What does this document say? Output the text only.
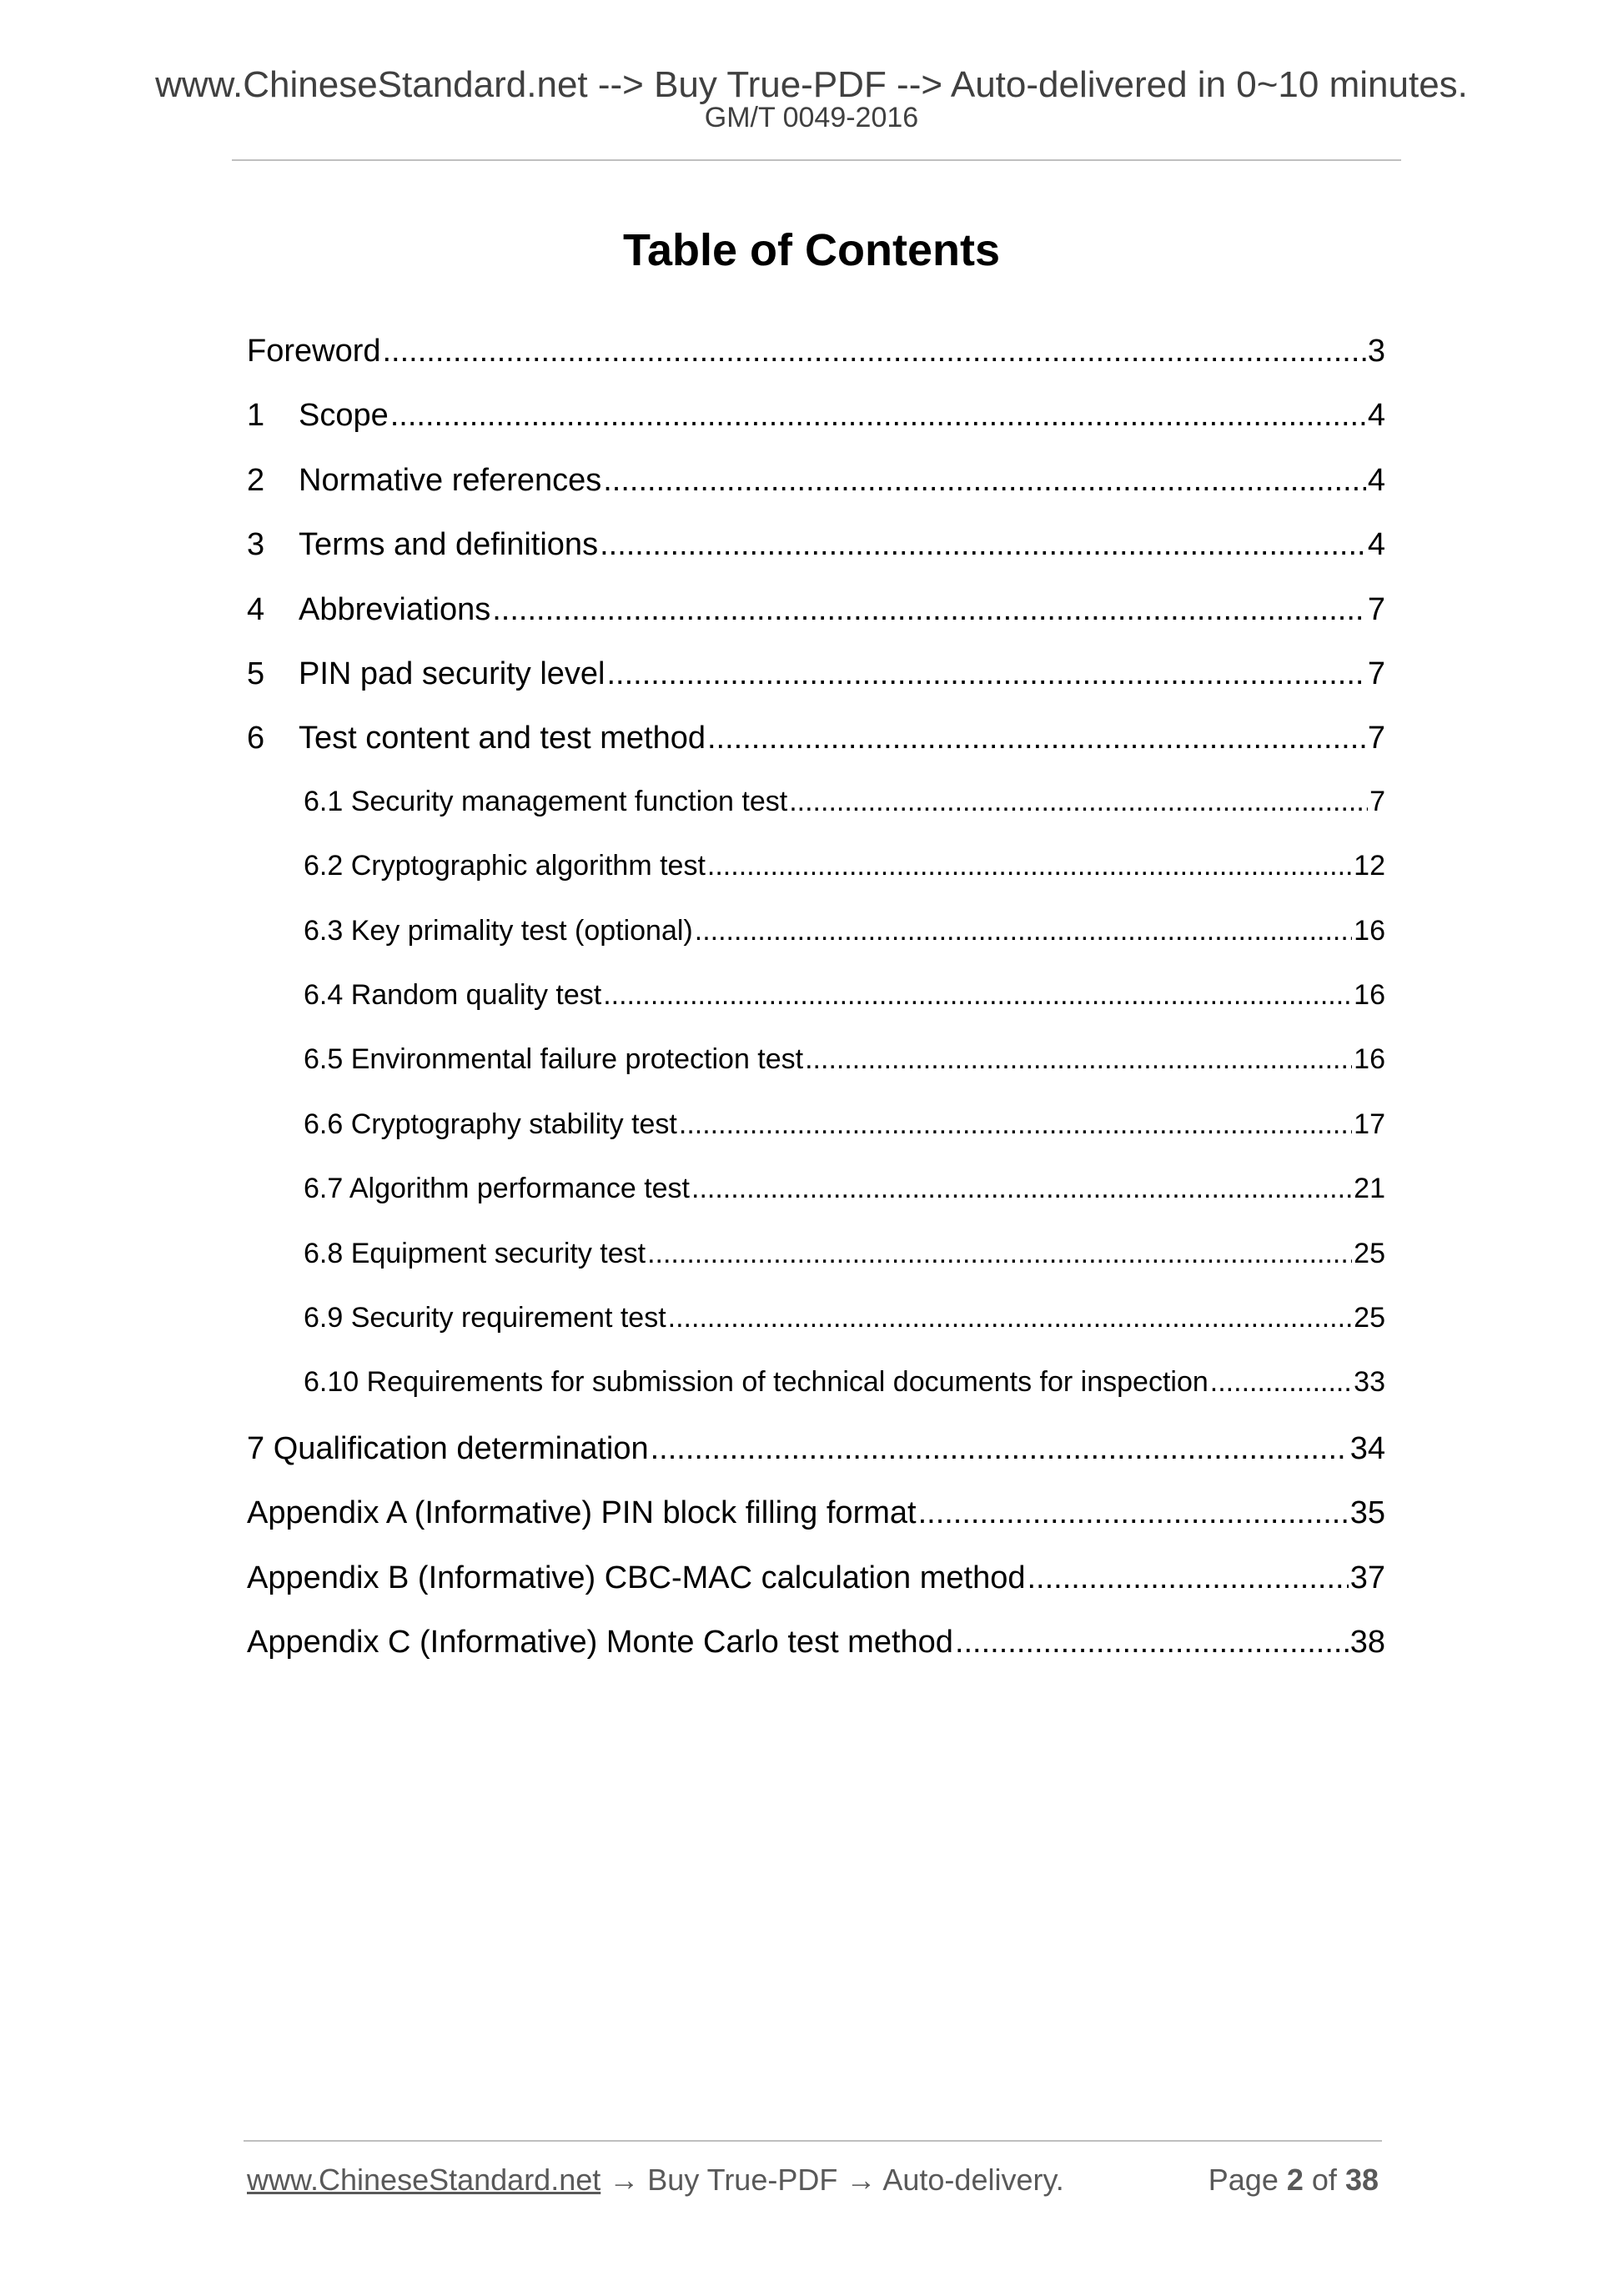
www.ChineseStandard.net --> Buy True-PDF --> Auto-delivered in 0~10 minutes.
GM/T 0049-2016
Table of Contents
Foreword .....	3
1	Scope .....	4
2	Normative references .....	4
3	Terms and definitions .....	4
4	Abbreviations .....	7
5	PIN pad security level .....	7
6	Test content and test method .....	7
6.1 Security management function test .....	7
6.2 Cryptographic algorithm test .....	12
6.3 Key primality test (optional) .....	16
6.4 Random quality test .....	16
6.5 Environmental failure protection test .....	16
6.6 Cryptography stability test .....	17
6.7 Algorithm performance test .....	21
6.8 Equipment security test .....	25
6.9 Security requirement test .....	25
6.10 Requirements for submission of technical documents for inspection .....	33
7 Qualification determination .....	34
Appendix A (Informative) PIN block filling format .....	35
Appendix B (Informative) CBC-MAC calculation method .....	37
Appendix C (Informative) Monte Carlo test method .....	38
www.ChineseStandard.net → Buy True-PDF → Auto-delivery.	Page 2 of 38
